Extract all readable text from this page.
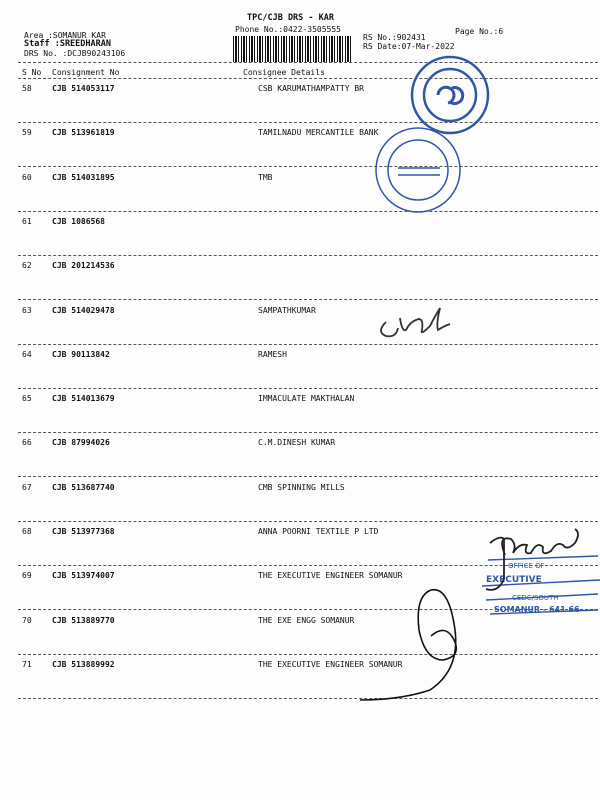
TPC/CJB DRS - KAR
Phone No.:0422-3505555	Page No.:6
Area :SOMANUR KAR
Staff :SREEDHARAN
DRS No. :DCJB90243106
RS No.:902431
RS Date:07-Mar-2022
S No Consignment No	Consignee Details
58	CJB 514053117	CSB KARUMATHAMPATTY BR
59	CJB 513961819	TAMILNADU MERCANTILE BANK
60	CJB 514031895	TMB
61	CJB 1086568
62	CJB 201214536
63	CJB 514029478	SAMPATHKUMAR
64	CJB 90113842	RAMESH
65	CJB 514013679	IMMACULATE MAKTHALAN
66	CJB 87994026	C.M.DINESH KUMAR
67	CJB 513687740	CMB SPINNING MILLS
68	CJB 513977368	ANNA POORNI TEXTILE P LTD
69	CJB 513974007	THE EXECUTIVE ENGINEER SOMANUR
70	CJB 513889770	THE EXE ENGG SOMANUR
71	CJB 513889992	THE EXECUTIVE ENGINEER SOMANUR
OFFICE OF
EXECUTIVE
CEDC/SOUTH
SOMANUR - 641 66
